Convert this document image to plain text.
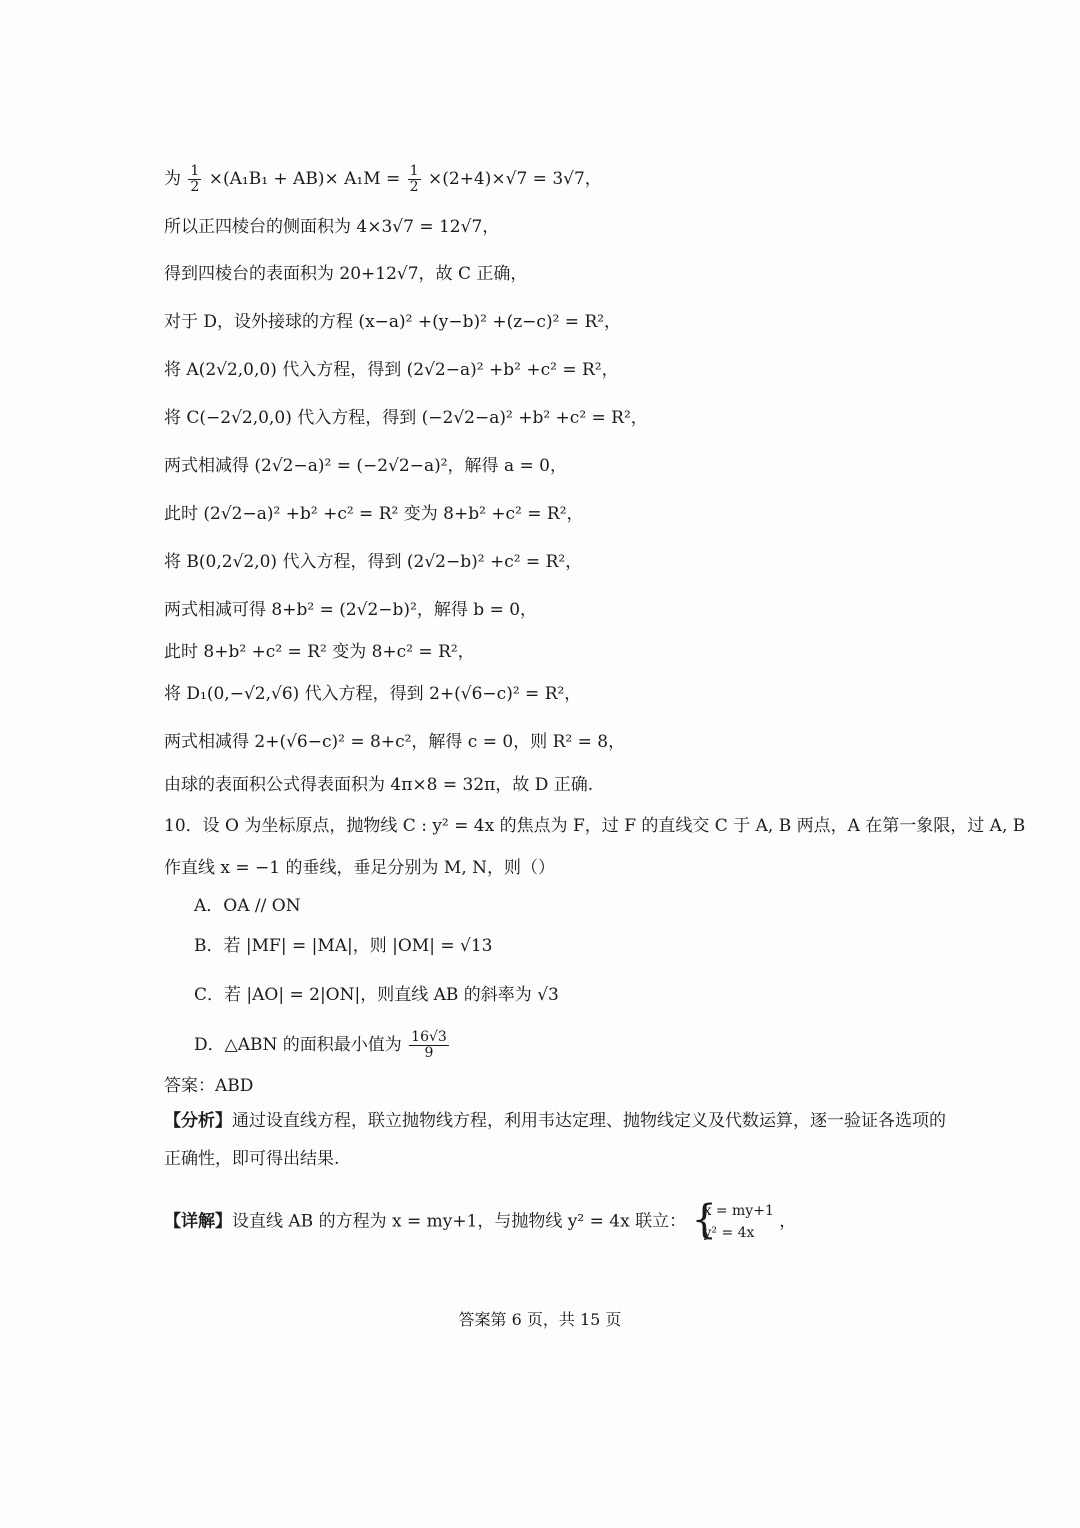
为 $\frac{1}{2} \times(A_1B_1 + AB)\times A_1M = \frac{1}{2} \times(2+4)\times√7 = 3√7$，
所以正四棱台的侧面积为 4×3√7 = 12√7，
得到四棱台的表面积为 20+12√7，故 C 正确，
对于 D，设外接球的方程 (x−a)² +(y−b)² +(z−c)² = R²，
将 A(2√2,0,0) 代入方程，得到 (2√2−a)² +b² +c² = R²，
将 C(−2√2,0,0) 代入方程，得到 (−2√2−a)² +b² +c² = R²，
两式相减得 (2√2−a)² = (−2√2−a)²，解得 a = 0，
此时 (2√2−a)² +b² +c² = R² 变为 8+b² +c² = R²，
将 B(0,2√2,0) 代入方程，得到 (2√2−b)² +c² = R²，
两式相减可得 8+b² = (2√2−b)²，解得 b = 0，
此时 8+b² +c² = R² 变为 8+c² = R²，
将 D₁(0,−√2,√6) 代入方程，得到 2+(√6−c)² = R²，
两式相减得 2+(√6−c)² = 8+c²，解得 c = 0，则 R² = 8，
由球的表面积公式得表面积为 4π×8 = 32π，故 D 正确.
10．设 O 为坐标原点，抛物线 C : y² = 4x 的焦点为 F，过 F 的直线交 C 于 A, B 两点，A 在第一象限，过 A, B
作直线 x = −1 的垂线，垂足分别为 M, N，则（）
A．OA // ON
B．若 |MF| = |MA|，则 |OM| = √13
C．若 |AO| = 2|ON|，则直线 AB 的斜率为 √3
D．△ABN 的面积最小值为 $\frac{16√3}{9}$
答案：ABD
【分析】通过设直线方程，联立抛物线方程，利用韦达定理、抛物线定义及代数运算，逐一验证各选项的
正确性，即可得出结果.
【详解】设直线 AB 的方程为 x = my+1，与抛物线 y² = 4x 联立：
{ x = my+1
y² = 4x
，
答案第 6 页，共 15 页
